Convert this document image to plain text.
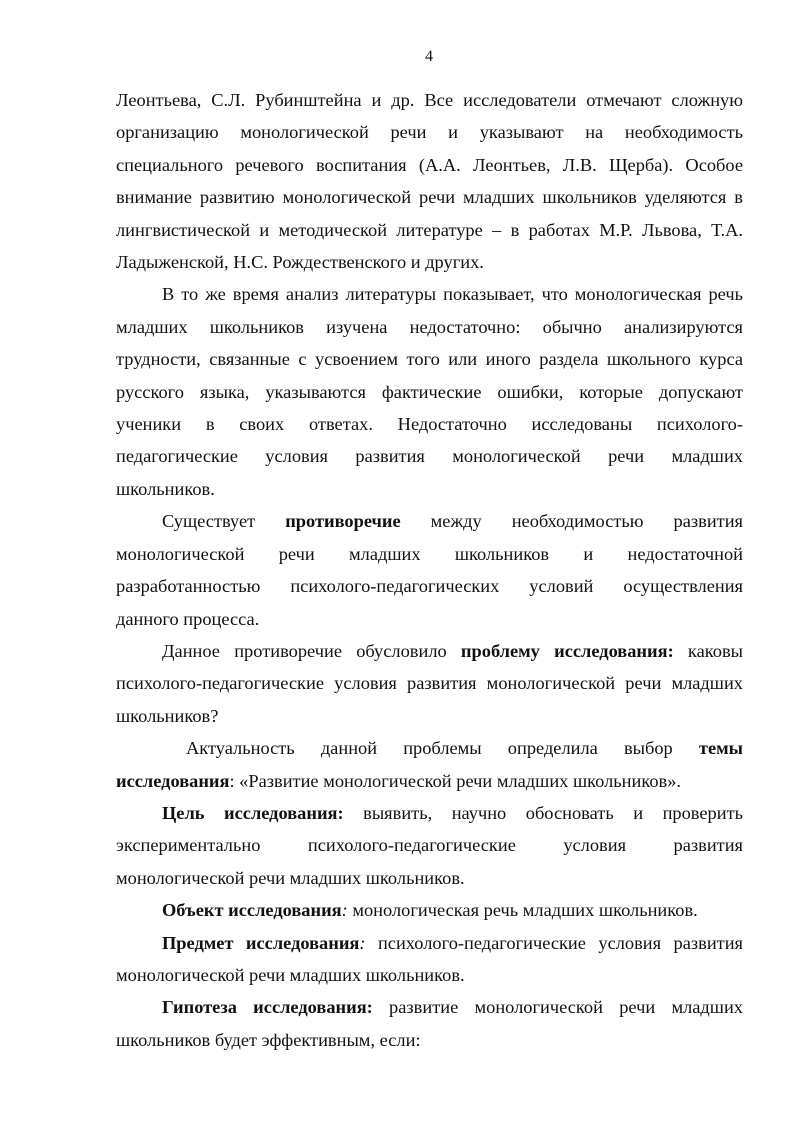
4

Леонтьева, С.Л. Рубинштейна и др. Все исследователи отмечают сложную
организацию монологической речи и указывают на необходимость
специального речевого воспитания (А.А. Леонтьев, Л.В. Щерба). Особое
внимание развитию монологической речи младших школьников уделяются в
лингвистической и методической литературе – в работах М.Р. Львова, Т.А.
Ладыженской, Н.С. Рождественского и других.

В то же время анализ литературы показывает, что монологическая речь
младших школьников изучена недостаточно: обычно анализируются
трудности, связанные с усвоением того или иного раздела школьного курса
русского языка, указываются фактические ошибки, которые допускают
ученики в своих ответах. Недостаточно исследованы психолого-
педагогические условия развития монологической речи младших
школьников.

Существует противоречие между необходимостью развития
монологической речи младших школьников и недостаточной
разработанностью психолого-педагогических условий осуществления
данного процесса.

Данное противоречие обусловило проблему исследования: каковы
психолого-педагогические условия развития монологической речи младших
школьников?

Актуальность данной проблемы определила выбор темы
исследования: «Развитие монологической речи младших школьников».

Цель исследования: выявить, научно обосновать и проверить
экспериментально психолого-педагогические условия развития
монологической речи младших школьников.

Объект исследования: монологическая речь младших школьников.

Предмет исследования: психолого-педагогические условия развития
монологической речи младших школьников.

Гипотеза исследования: развитие монологической речи младших
школьников будет эффективным, если:
